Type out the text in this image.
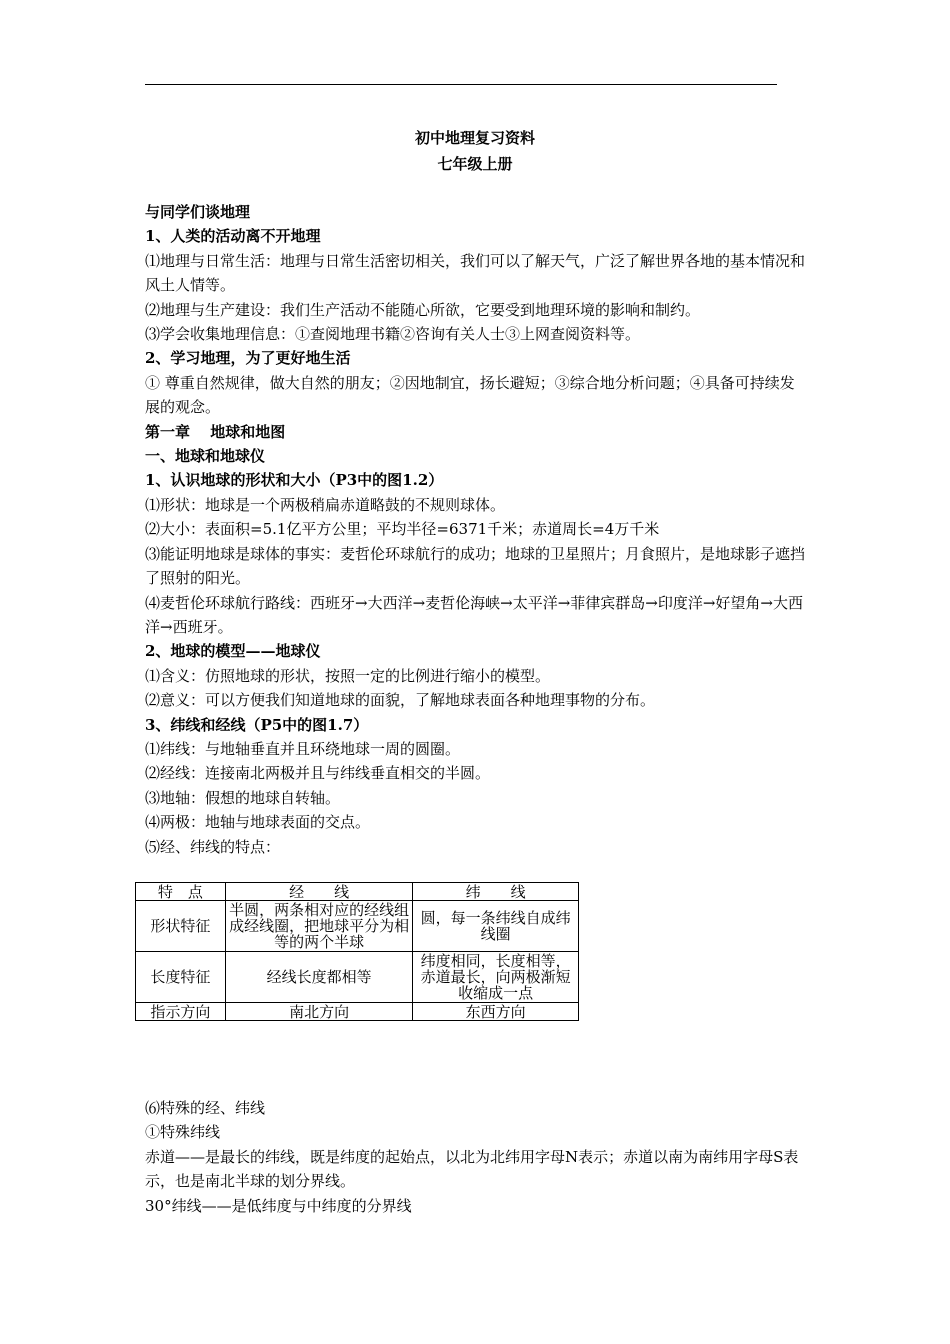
初中地理复习资料
七年级上册

与同学们谈地理

1、人类的活动离不开地理

⑴地理与日常生活：地理与日常生活密切相关，我们可以了解天气，广泛了解世界各地的基本情况和风土人情等。

⑵地理与生产建设：我们生产活动不能随心所欲，它要受到地理环境的影响和制约。

⑶学会收集地理信息：①查阅地理书籍②咨询有关人士③上网查阅资料等。

2、学习地理，为了更好地生活

① 尊重自然规律，做大自然的朋友；②因地制宜，扬长避短；③综合地分析问题；④具备可持续发展的观念。

第一章　 地球和地图

一、地球和地球仪

1、认识地球的形状和大小（P3中的图1.2）

⑴形状：地球是一个两极稍扁赤道略鼓的不规则球体。

⑵大小：表面积=5.1亿平方公里；平均半径=6371千米；赤道周长=4万千米

⑶能证明地球是球体的事实：麦哲伦环球航行的成功；地球的卫星照片；月食照片，是地球影子遮挡了照射的阳光。

⑷麦哲伦环球航行路线：西班牙→大西洋→麦哲伦海峡→太平洋→菲律宾群岛→印度洋→好望角→大西洋→西班牙。

2、地球的模型——地球仪

⑴含义：仿照地球的形状，按照一定的比例进行缩小的模型。

⑵意义：可以方便我们知道地球的面貌，了解地球表面各种地理事物的分布。

3、纬线和经线（P5中的图1.7）

⑴纬线：与地轴垂直并且环绕地球一周的圆圈。

⑵经线：连接南北两极并且与纬线垂直相交的半圆。

⑶地轴：假想的地球自转轴。

⑷两极：地轴与地球表面的交点。

⑸经、纬线的特点：

特　点	经　　线	纬　　线
形状特征	半圆，两条相对应的经线组成经线圈，把地球平分为相等的两个半球	圆，每一条纬线自成纬线圈
长度特征	经线长度都相等	纬度相同，长度相等，赤道最长，向两极渐短收缩成一点
指示方向	南北方向	东西方向

⑹特殊的经、纬线

①特殊纬线

赤道——是最长的纬线，既是纬度的起始点，以北为北纬用字母N表示；赤道以南为南纬用字母S表示，也是南北半球的划分界线。

30°纬线——是低纬度与中纬度的分界线
